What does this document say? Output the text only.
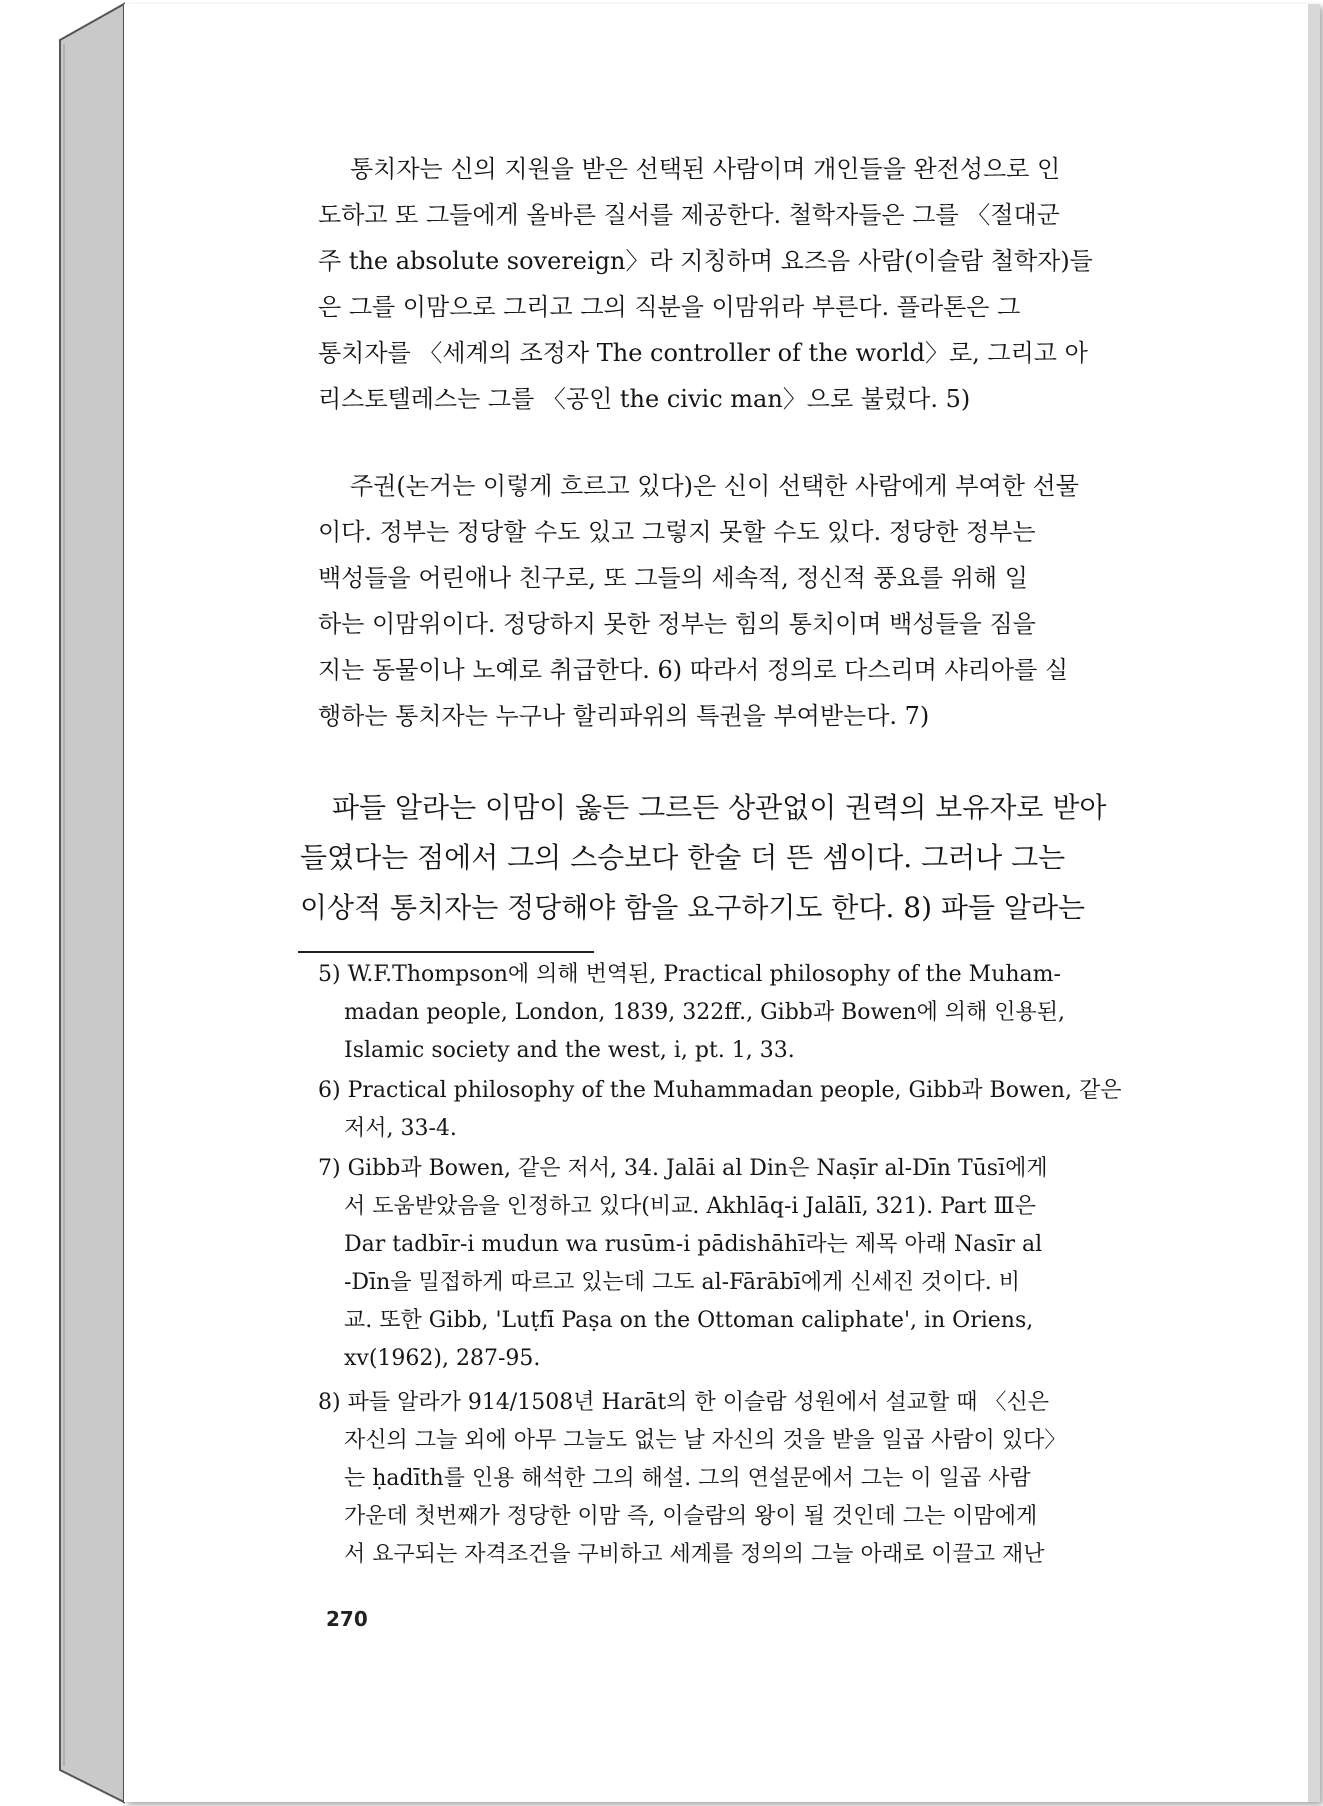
통치자는 신의 지원을 받은 선택된 사람이며 개인들을 완전성으로 인
도하고 또 그들에게 올바른 질서를 제공한다. 철학자들은 그를 〈절대군
주 the absolute sovereign〉라 지칭하며 요즈음 사람(이슬람 철학자)들
은 그를 이맘으로 그리고 그의 직분을 이맘위라 부른다. 플라톤은 그
통치자를 〈세계의 조정자 The controller of the world〉로, 그리고 아
리스토텔레스는 그를 〈공인 the civic man〉으로 불렀다. 5)
주권(논거는 이렇게 흐르고 있다)은 신이 선택한 사람에게 부여한 선물
이다. 정부는 정당할 수도 있고 그렇지 못할 수도 있다. 정당한 정부는
백성들을 어린애나 친구로, 또 그들의 세속적, 정신적 풍요를 위해 일
하는 이맘위이다. 정당하지 못한 정부는 힘의 통치이며 백성들을 짐을
지는 동물이나 노예로 취급한다. 6) 따라서 정의로 다스리며 샤리아를 실
행하는 통치자는 누구나 할리파위의 특권을 부여받는다. 7)
파들 알라는 이맘이 옳든 그르든 상관없이 권력의 보유자로 받아
들였다는 점에서 그의 스승보다 한술 더 뜬 셈이다. 그러나 그는
이상적 통치자는 정당해야 함을 요구하기도 한다. 8) 파들 알라는
5) W.F.Thompson에 의해 번역된, Practical philosophy of the Muham-
madan people, London, 1839, 322ff., Gibb과 Bowen에 의해 인용된,
Islamic society and the west, i, pt. 1, 33.
6) Practical philosophy of the Muhammadan people, Gibb과 Bowen, 같은
저서, 33-4.
7) Gibb과 Bowen, 같은 저서, 34. Jalāi al Din은 Naṣīr al-Dīn Tūsī에게
서 도움받았음을 인정하고 있다(비교. Akhlāq-i Jalālī, 321). Part Ⅲ은
Dar tadbīr-i mudun wa rusūm-i pādishāhī라는 제목 아래 Nasīr al
-Dīn을 밀접하게 따르고 있는데 그도 al-Fārābī에게 신세진 것이다. 비
교. 또한 Gibb, 'Luṭfī Paṣa on the Ottoman caliphate', in Oriens,
xv(1962), 287-95.
8) 파들 알라가 914/1508년 Harāt의 한 이슬람 성원에서 설교할 때 〈신은
자신의 그늘 외에 아무 그늘도 없는 날 자신의 것을 받을 일곱 사람이 있다〉
는 ḥadīth를 인용 해석한 그의 해설. 그의 연설문에서 그는 이 일곱 사람
가운데 첫번째가 정당한 이맘 즉, 이슬람의 왕이 될 것인데 그는 이맘에게
서 요구되는 자격조건을 구비하고 세계를 정의의 그늘 아래로 이끌고 재난
270
